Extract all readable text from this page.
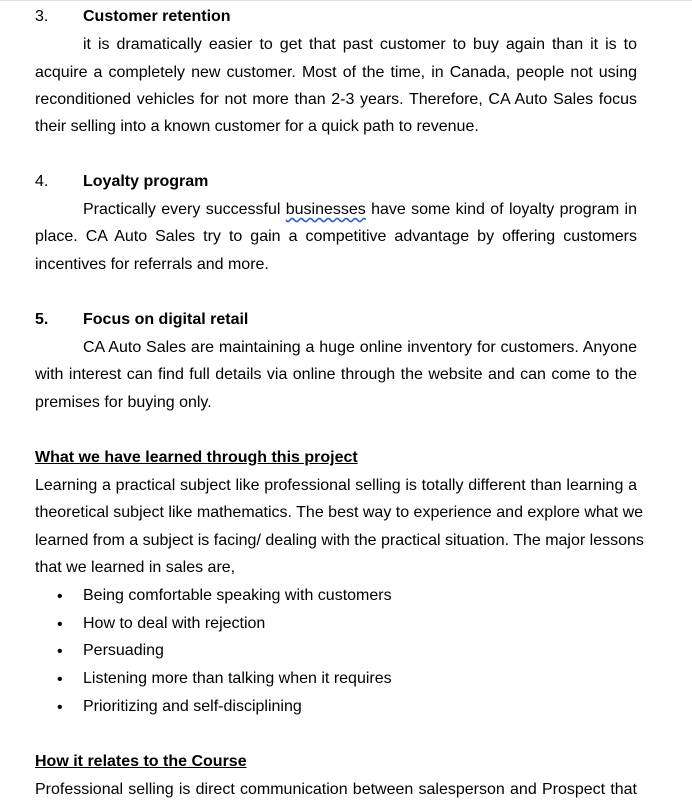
3. Customer retention
it is dramatically easier to get that past customer to buy again than it is to
acquire a completely new customer. Most of the time, in Canada, people not using
reconditioned vehicles for not more than 2-3 years. Therefore, CA Auto Sales focus
their selling into a known customer for a quick path to revenue.
4. Loyalty program
Practically every successful businesses have some kind of loyalty program in
place. CA Auto Sales try to gain a competitive advantage by offering customers
incentives for referrals and more.
5. Focus on digital retail
CA Auto Sales are maintaining a huge online inventory for customers. Anyone
with interest can find full details via online through the website and can come to the
premises for buying only.
What we have learned through this project
Learning a practical subject like professional selling is totally different than learning a
theoretical subject like mathematics. The best way to experience and explore what we
learned from a subject is facing/ dealing with the practical situation. The major lessons
that we learned in sales are,
• Being comfortable speaking with customers
• How to deal with rejection
• Persuading
• Listening more than talking when it requires
• Prioritizing and self-disciplining
How it relates to the Course
Professional selling is direct communication between salesperson and Prospect that
